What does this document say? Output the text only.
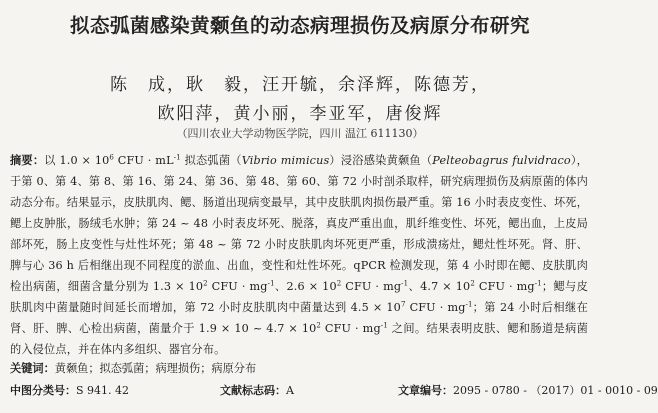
拟态弧菌感染黄颡鱼的动态病理损伤及病原分布研究
陈　成，耿　毅，汪开毓，余泽辉，陈德芳，
欧阳萍，黄小丽，李亚军，唐俊辉
（四川农业大学动物医学院，四川 温江 611130）
摘要：以 $1.0 \times 10^6$ CFU · $mL^{-1}$ 拟态弧菌（Vibrio mimicus）浸浴感染黄颡鱼（Pelteobagrus fulvidraco），于第 0、第 4、第 8、第 16、第 24、第 36、第 48、第 60、第 72 小时剖杀取样，研究病理损伤及病原菌的体内动态分布。结果显示，皮肤肌肉、鳃、肠道出现病变最早，其中皮肤肌肉损伤最严重。第 16 小时表皮变性、坏死，鳃上皮肿胀，肠绒毛水肿；第 24 ~ 48 小时表皮坏死、脱落，真皮严重出血，肌纤维变性、坏死，鳃出血，上皮局部坏死，肠上皮变性与灶性坏死；第 48 ~ 第 72 小时皮肤肌肉坏死更严重，形成溃疡灶，鳃灶性坏死。肾、肝、脾与心 36 h 后相继出现不同程度的淤血、出血，变性和灶性坏死。qPCR 检测发现，第 4 小时即在鳃、皮肤肌肉检出病菌，细菌含量分别为 $1.3 \times 10^2$ CFU · $mg^{-1}$、$2.6 \times 10^2$ CFU · $mg^{-1}$、$4.7 \times 10^2$ CFU · $mg^{-1}$；鳃与皮肤肌肉中菌量随时间延长而增加，第 72 小时皮肤肌肉中菌量达到 $4.5 \times 10^7$ CFU · $mg^{-1}$；第 24 小时后相继在肾、肝、脾、心检出病菌，菌量介于 1.9 × 10 ~ $4.7 \times 10^2$ CFU · $mg^{-1}$ 之间。结果表明皮肤、鳃和肠道是病菌的入侵位点，并在体内多组织、器官分布。
关键词：黄颡鱼；拟态弧菌；病理损伤；病原分布
中图分类号：S 941. 42	文献标志码：A	文章编号：2095 - 0780 - （2017）01 - 0010 - 09
